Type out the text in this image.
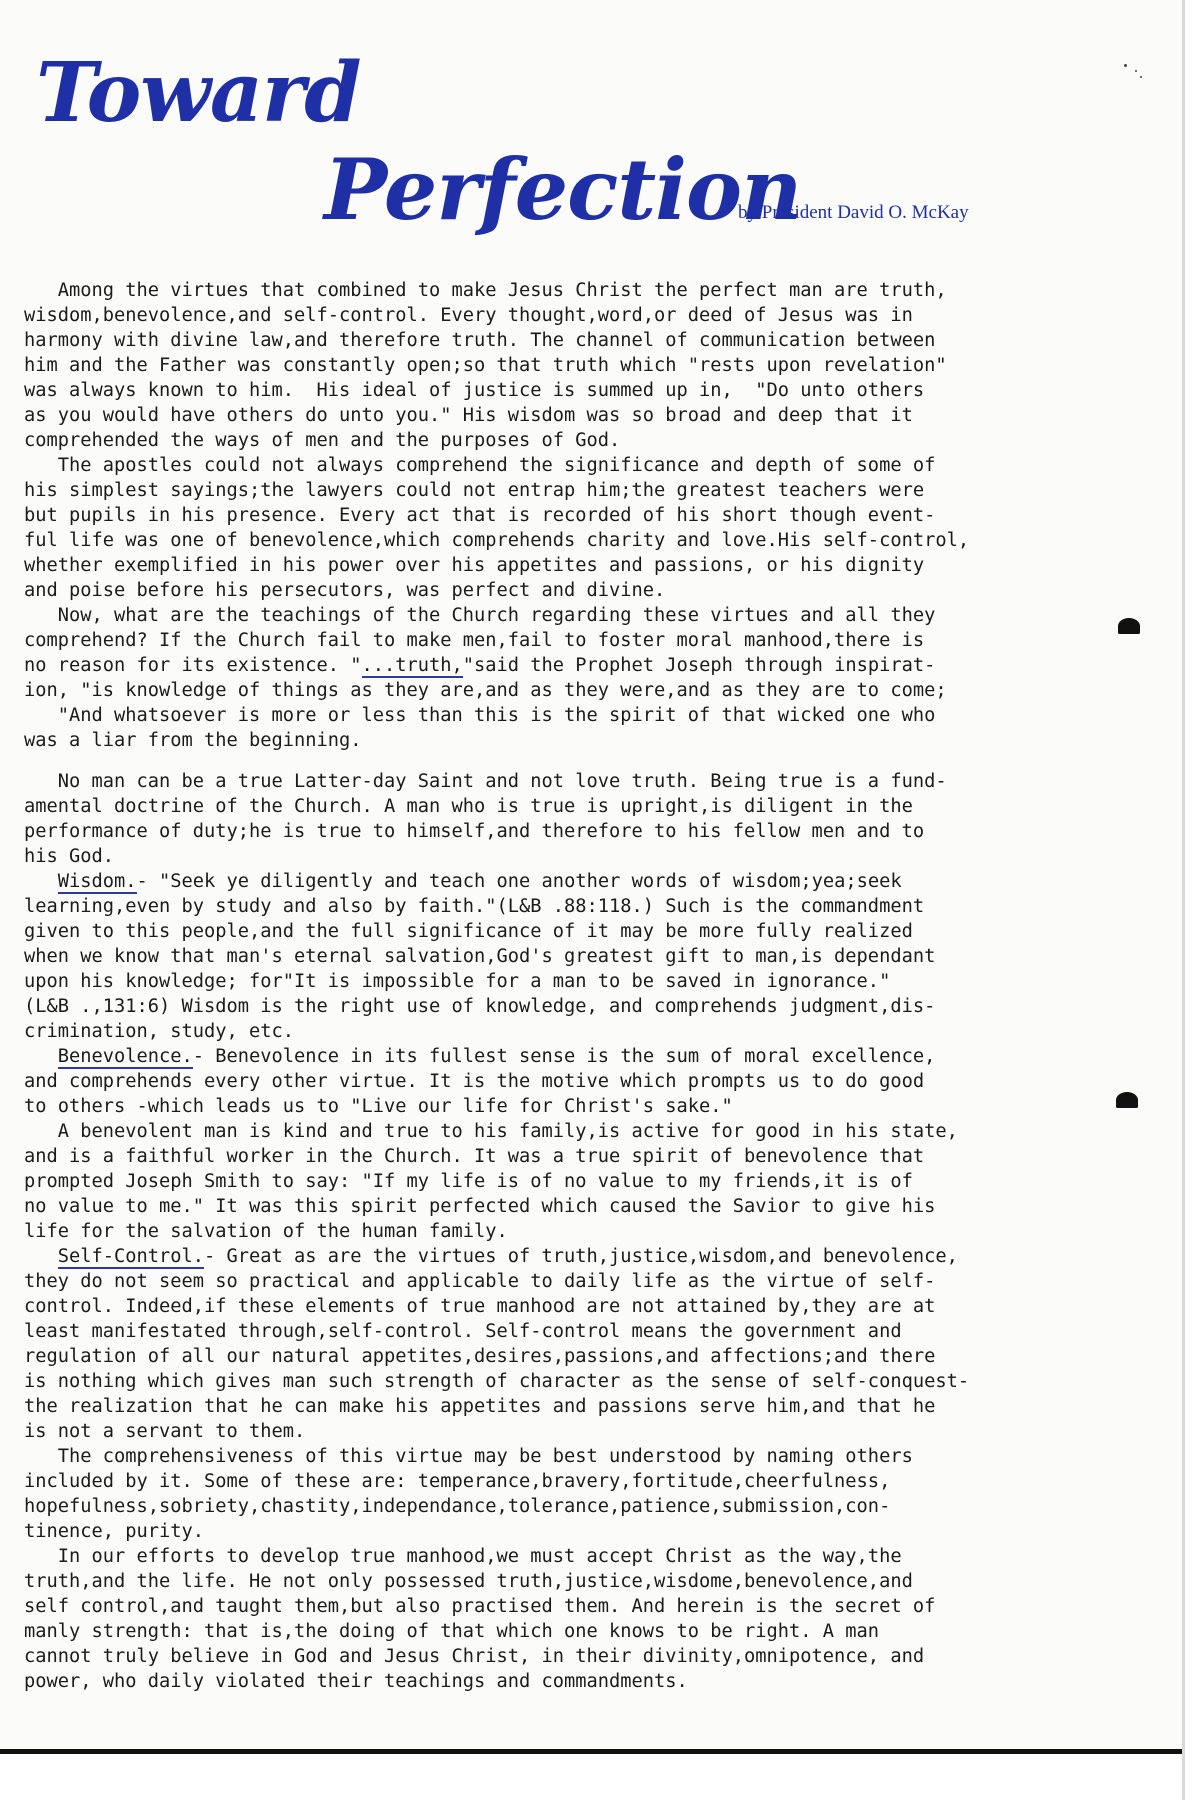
Toward
Perfection
by President David O. McKay
Among the virtues that combined to make Jesus Christ the perfect man are truth,
wisdom,benevolence,and self-control. Every thought,word,or deed of Jesus was in
harmony with divine law,and therefore truth. The channel of communication between
him and the Father was constantly open;so that truth which "rests upon revelation"
was always known to him.  His ideal of justice is summed up in,  "Do unto others
as you would have others do unto you." His wisdom was so broad and deep that it
comprehended the ways of men and the purposes of God.
The apostles could not always comprehend the significance and depth of some of
his simplest sayings;the lawyers could not entrap him;the greatest teachers were
but pupils in his presence. Every act that is recorded of his short though event-
ful life was one of benevolence,which comprehends charity and love.His self-control,
whether exemplified in his power over his appetites and passions, or his dignity
and poise before his persecutors, was perfect and divine.
Now, what are the teachings of the Church regarding these virtues and all they
comprehend? If the Church fail to make men,fail to foster moral manhood,there is
no reason for its existence. "...truth,"said the Prophet Joseph through inspirat-
ion, "is knowledge of things as they are,and as they were,and as they are to come;
"And whatsoever is more or less than this is the spirit of that wicked one who
was a liar from the beginning.
No man can be a true Latter-day Saint and not love truth. Being true is a fund-
amental doctrine of the Church. A man who is true is upright,is diligent in the
performance of duty;he is true to himself,and therefore to his fellow men and to
his God.
Wisdom.- "Seek ye diligently and teach one another words of wisdom;yea;seek
learning,even by study and also by faith."(L&B .88:118.) Such is the commandment
given to this people,and the full significance of it may be more fully realized
when we know that man's eternal salvation,God's greatest gift to man,is dependant
upon his knowledge; for"It is impossible for a man to be saved in ignorance."
(L&B .,131:6) Wisdom is the right use of knowledge, and comprehends judgment,dis-
crimination, study, etc.
Benevolence.- Benevolence in its fullest sense is the sum of moral excellence,
and comprehends every other virtue. It is the motive which prompts us to do good
to others -which leads us to "Live our life for Christ's sake."
A benevolent man is kind and true to his family,is active for good in his state,
and is a faithful worker in the Church. It was a true spirit of benevolence that
prompted Joseph Smith to say: "If my life is of no value to my friends,it is of
no value to me." It was this spirit perfected which caused the Savior to give his
life for the salvation of the human family.
Self-Control.- Great as are the virtues of truth,justice,wisdom,and benevolence,
they do not seem so practical and applicable to daily life as the virtue of self-
control. Indeed,if these elements of true manhood are not attained by,they are at
least manifestated through,self-control. Self-control means the government and
regulation of all our natural appetites,desires,passions,and affections;and there
is nothing which gives man such strength of character as the sense of self-conquest-
the realization that he can make his appetites and passions serve him,and that he
is not a servant to them.
The comprehensiveness of this virtue may be best understood by naming others
included by it. Some of these are: temperance,bravery,fortitude,cheerfulness,
hopefulness,sobriety,chastity,independance,tolerance,patience,submission,con-
tinence, purity.
In our efforts to develop true manhood,we must accept Christ as the way,the
truth,and the life. He not only possessed truth,justice,wisdome,benevolence,and
self control,and taught them,but also practised them. And herein is the secret of
manly strength: that is,the doing of that which one knows to be right. A man
cannot truly believe in God and Jesus Christ, in their divinity,omnipotence, and
power, who daily violated their teachings and commandments.
